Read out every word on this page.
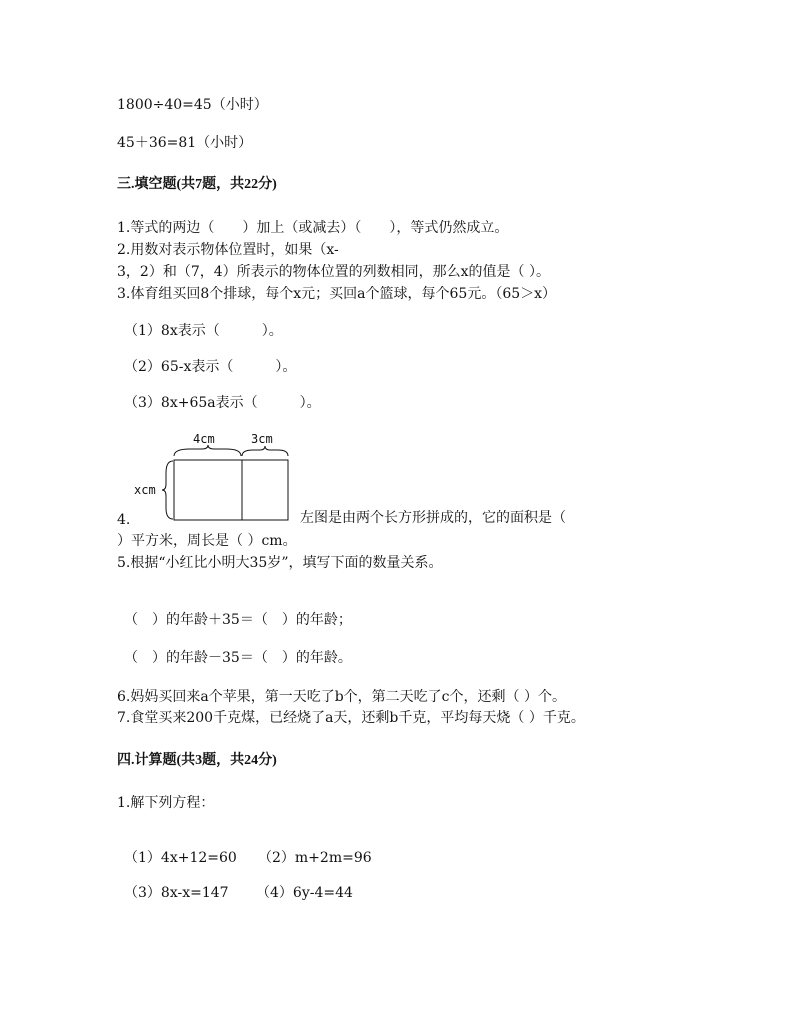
1800÷40=45（小时）
45＋36=81（小时）
三.填空题(共7题，共22分)
1.等式的两边（　　）加上（或减去）（　　），等式仍然成立。
2.用数对表示物体位置时，如果（x-
3，2）和（7，4）所表示的物体位置的列数相同，那么x的值是（ ）。
3.体育组买回8个排球，每个x元；买回a个篮球，每个65元。（65＞x）
（1）8x表示（　　　）。
（2）65-x表示（　　　）。
（3）8x+65a表示（　　　）。
4cm	3cm
xcm
4.	左图是由两个长方形拼成的，它的面积是（
）平方米，周长是（ ）cm。
5.根据“小红比小明大35岁”，填写下面的数量关系。
（　）的年龄＋35＝（　）的年龄；
（　）的年龄－35＝（　）的年龄。
6.妈妈买回来a个苹果，第一天吃了b个，第二天吃了c个，还剩（ ）个。
7.食堂买来200千克煤，已经烧了a天，还剩b千克，平均每天烧（ ）千克。
四.计算题(共3题，共24分)
1.解下列方程：
（1）4x+12=60 （2）m+2m=96
（3）8x-x=147 （4）6y-4=44
